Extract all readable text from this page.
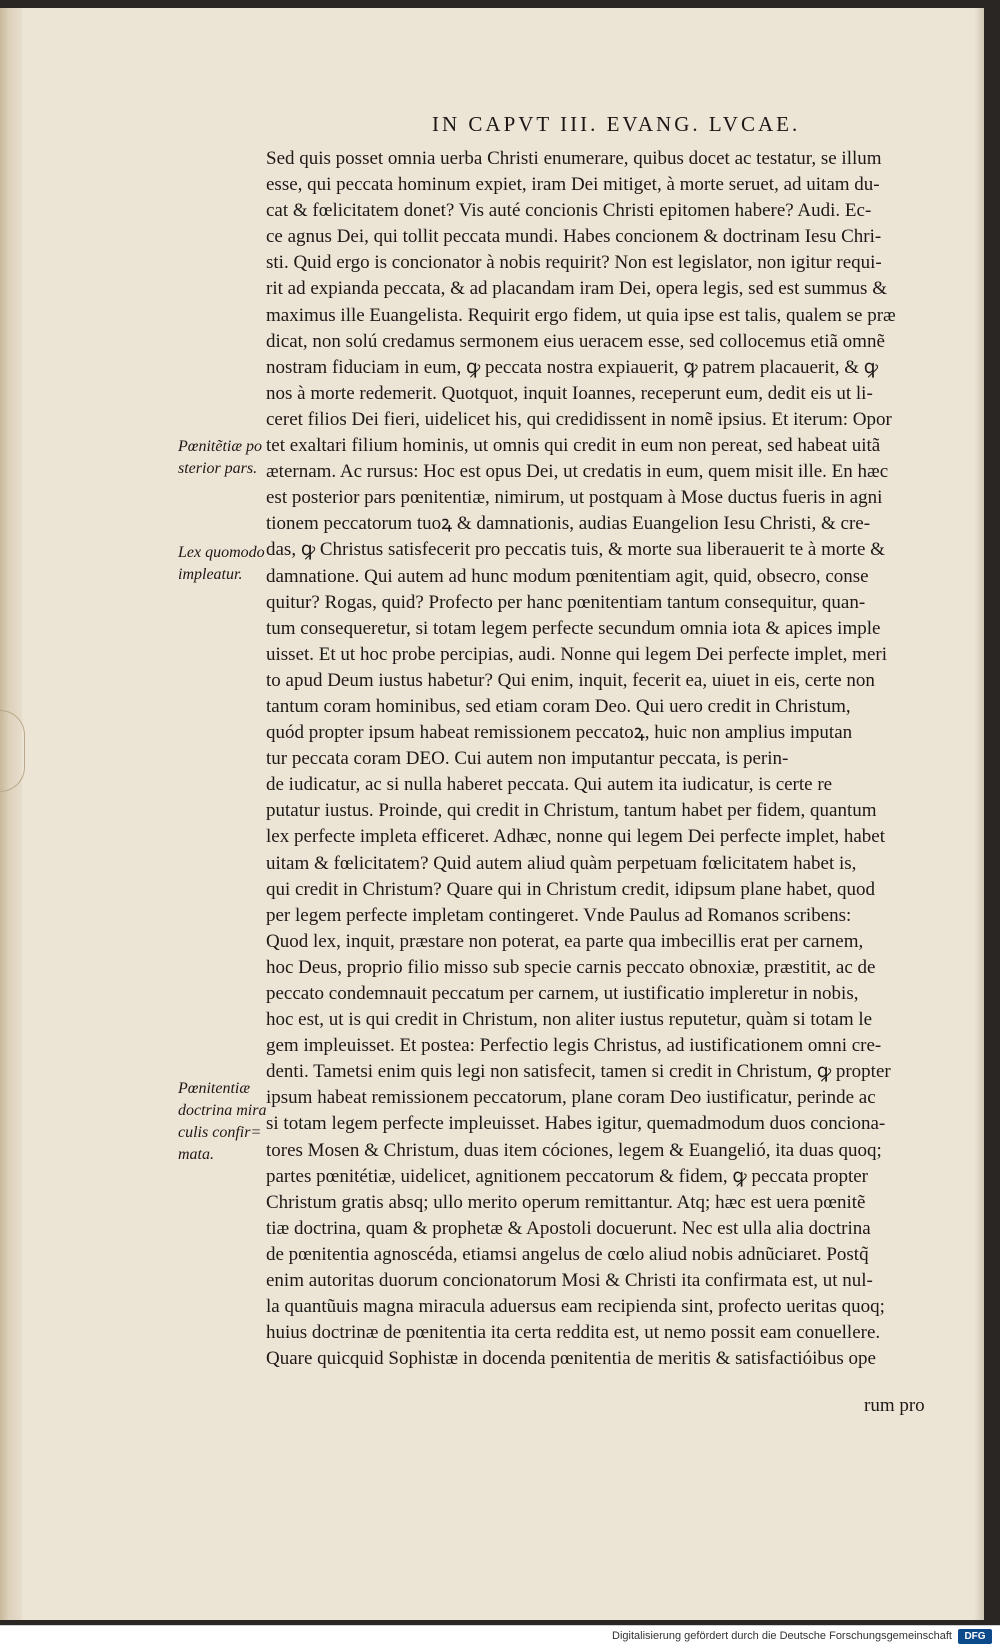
IN CAPVT III. EVANG. LVCAE.
Sed quis posset omnia uerba Christi enumerare, quibus docet ac testatur, se illum
esse, qui peccata hominum expiet, iram Dei mitiget, à morte seruet, ad uitam du-
cat & fœlicitatem donet? Vis auté concionis Christi epitomen habere? Audi. Ec-
ce agnus Dei, qui tollit peccata mundi. Habes concionem & doctrinam Iesu Chri-
sti. Quid ergo is concionator à nobis requirit? Non est legislator, non igitur requi-
rit ad expianda peccata, & ad placandam iram Dei, opera legis, sed est summus &
maximus ille Euangelista. Requirit ergo fidem, ut quia ipse est talis, qualem se præ
dicat, non solú credamus sermonem eius ueracem esse, sed collocemus etiã omnẽ
nostram fiduciam in eum, ꝙ peccata nostra expiauerit, ꝙ patrem placauerit, & ꝙ
nos à morte redemerit. Quotquot, inquit Ioannes, receperunt eum, dedit eis ut li-
ceret filios Dei fieri, uidelicet his, qui credidissent in nomẽ ipsius. Et iterum: Opor
tet exaltari filium hominis, ut omnis qui credit in eum non pereat, sed habeat uitã
æternam. Ac rursus: Hoc est opus Dei, ut credatis in eum, quem misit ille. En hæc
est posterior pars pœnitentiæ, nimirum, ut postquam à Mose ductus fueris in agni
tionem peccatorum tuoꝝ & damnationis, audias Euangelion Iesu Christi, & cre-
das, ꝙ Christus satisfecerit pro peccatis tuis, & morte sua liberauerit te à morte &
damnatione. Qui autem ad hunc modum pœnitentiam agit, quid, obsecro, conse
quitur? Rogas, quid? Profecto per hanc pœnitentiam tantum consequitur, quan-
tum consequeretur, si totam legem perfecte secundum omnia iota & apices imple
uisset. Et ut hoc probe percipias, audi. Nonne qui legem Dei perfecte implet, meri
to apud Deum iustus habetur? Qui enim, inquit, fecerit ea, uiuet in eis, certe non
tantum coram hominibus, sed etiam coram Deo. Qui uero credit in Christum,
quód propter ipsum habeat remissionem peccatoꝝ, huic non amplius imputan
tur peccata coram DEO. Cui autem non imputantur peccata, is perin-
de iudicatur, ac si nulla haberet peccata. Qui autem ita iudicatur, is certe re
putatur iustus. Proinde, qui credit in Christum, tantum habet per fidem, quantum
lex perfecte impleta efficeret. Adhæc, nonne qui legem Dei perfecte implet, habet
uitam & fœlicitatem? Quid autem aliud quàm perpetuam fœlicitatem habet is,
qui credit in Christum? Quare qui in Christum credit, idipsum plane habet, quod
per legem perfecte impletam contingeret. Vnde Paulus ad Romanos scribens:
Quod lex, inquit, præstare non poterat, ea parte qua imbecillis erat per carnem,
hoc Deus, proprio filio misso sub specie carnis peccato obnoxiæ, præstitit, ac de
peccato condemnauit peccatum per carnem, ut iustificatio impleretur in nobis,
hoc est, ut is qui credit in Christum, non aliter iustus reputetur, quàm si totam le
gem impleuisset. Et postea: Perfectio legis Christus, ad iustificationem omni cre-
denti. Tametsi enim quis legi non satisfecit, tamen si credit in Christum, ꝙ propter
ipsum habeat remissionem peccatorum, plane coram Deo iustificatur, perinde ac
si totam legem perfecte impleuisset. Habes igitur, quemadmodum duos conciona-
tores Mosen & Christum, duas item cóciones, legem & Euangelió, ita duas quoq;
partes pœnitétiæ, uidelicet, agnitionem peccatorum & fidem, ꝙ peccata propter
Christum gratis absq; ullo merito operum remittantur. Atq; hæc est uera pœnitẽ
tiæ doctrina, quam & prophetæ & Apostoli docuerunt. Nec est ulla alia doctrina
de pœnitentia agnoscéda, etiamsi angelus de cœlo aliud nobis adnũciaret. Postq̃
enim autoritas duorum concionatorum Mosi & Christi ita confirmata est, ut nul-
la quantũuis magna miracula aduersus eam recipienda sint, profecto ueritas quoq;
huius doctrinæ de pœnitentia ita certa reddita est, ut nemo possit eam conuellere.
Quare quicquid Sophistæ in docenda pœnitentia de meritis & satisfactióibus ope
rum pro
Pœnitẽtiæ po
sterior pars.
Lex quomodo
impleatur.
Pœnitentiæ
doctrina mira
culis confir=
mata.
Digitalisierung gefördert durch die Deutsche Forschungsgemeinschaft	DFG
